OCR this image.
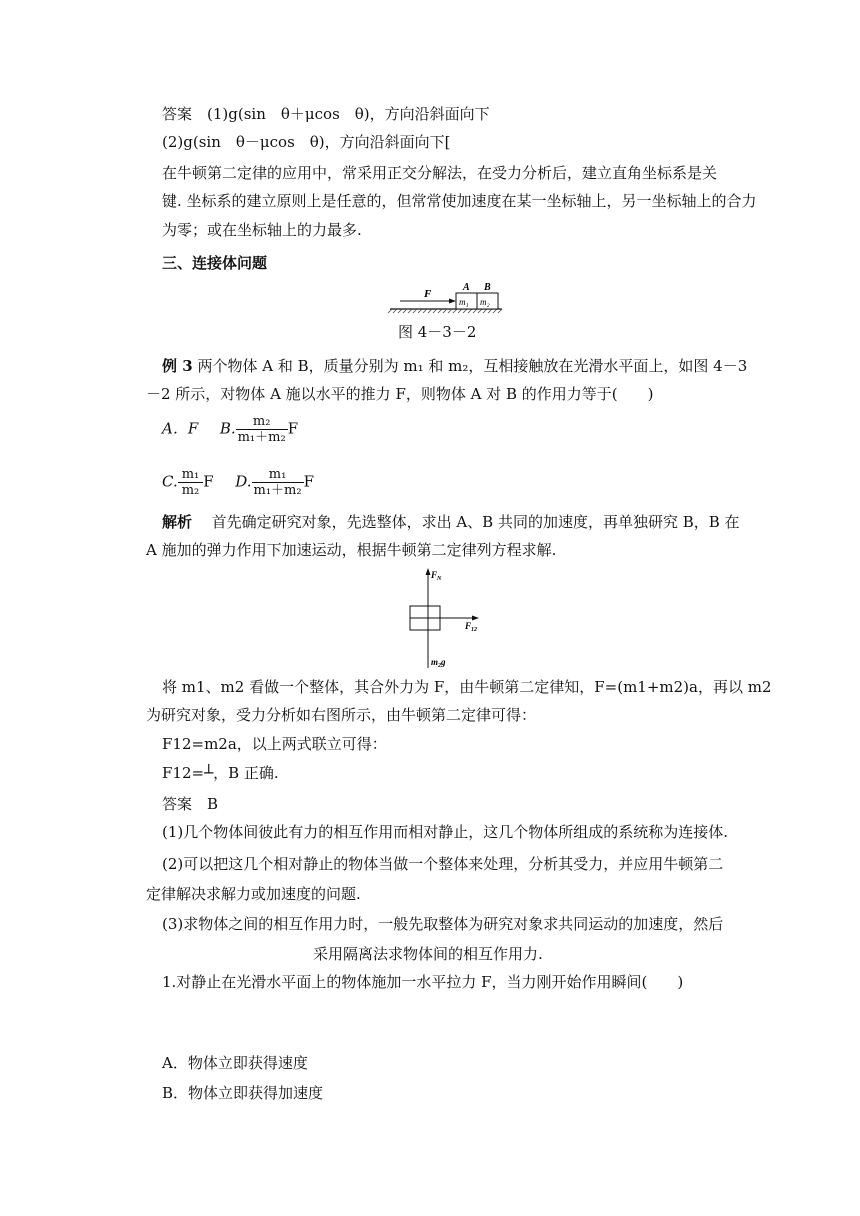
答案　(1)g(sin　θ＋μcos　θ)，方向沿斜面向下
(2)g(sin　θ－μcos　θ)，方向沿斜面向下[
在牛顿第二定律的应用中，常采用正交分解法，在受力分析后，建立直角坐标系是关
键. 坐标系的建立原则上是任意的，但常常使加速度在某一坐标轴上，另一坐标轴上的合力
为零；或在坐标轴上的力最多.
三、连接体问题
F
A B
m₁ m₂
图 4－3－2
例 3 两个物体 A 和 B，质量分别为 m₁ 和 m₂，互相接触放在光滑水平面上，如图 4－3
－2 所示，对物体 A 施以水平的推力 F，则物体 A 对 B 的作用力等于(　　)
A．F B. $\frac{\text{m₂}}{\text{m₁＋m₂}}$ F
C. $\frac{\text{m₁}}{\text{m₂}}$ F D. $\frac{\text{m₁}}{\text{m₁＋m₂}}$ F
解析 首先确定研究对象，先选整体，求出 A、B 共同的加速度，再单独研究 B，B 在
A 施加的弹力作用下加速运动，根据牛顿第二定律列方程求解.
$F_N$
$F_{12}$
$m_2g$
将 m1、m2 看做一个整体，其合外力为 F，由牛顿第二定律知，F=(m1+m2)a，再以 m2
为研究对象，受力分析如右图所示，由牛顿第二定律可得：
F12=m2a，以上两式联立可得：
F12=┴，B 正确.
答案　B
(1)几个物体间彼此有力的相互作用而相对静止，这几个物体所组成的系统称为连接体.
(2)可以把这几个相对静止的物体当做一个整体来处理，分析其受力，并应用牛顿第二
定律解决求解力或加速度的问题.
(3)求物体之间的相互作用力时，一般先取整体为研究对象求共同运动的加速度，然后
采用隔离法求物体间的相互作用力.
1.对静止在光滑水平面上的物体施加一水平拉力 F，当力刚开始作用瞬间(　　)
A．物体立即获得速度
B．物体立即获得加速度
